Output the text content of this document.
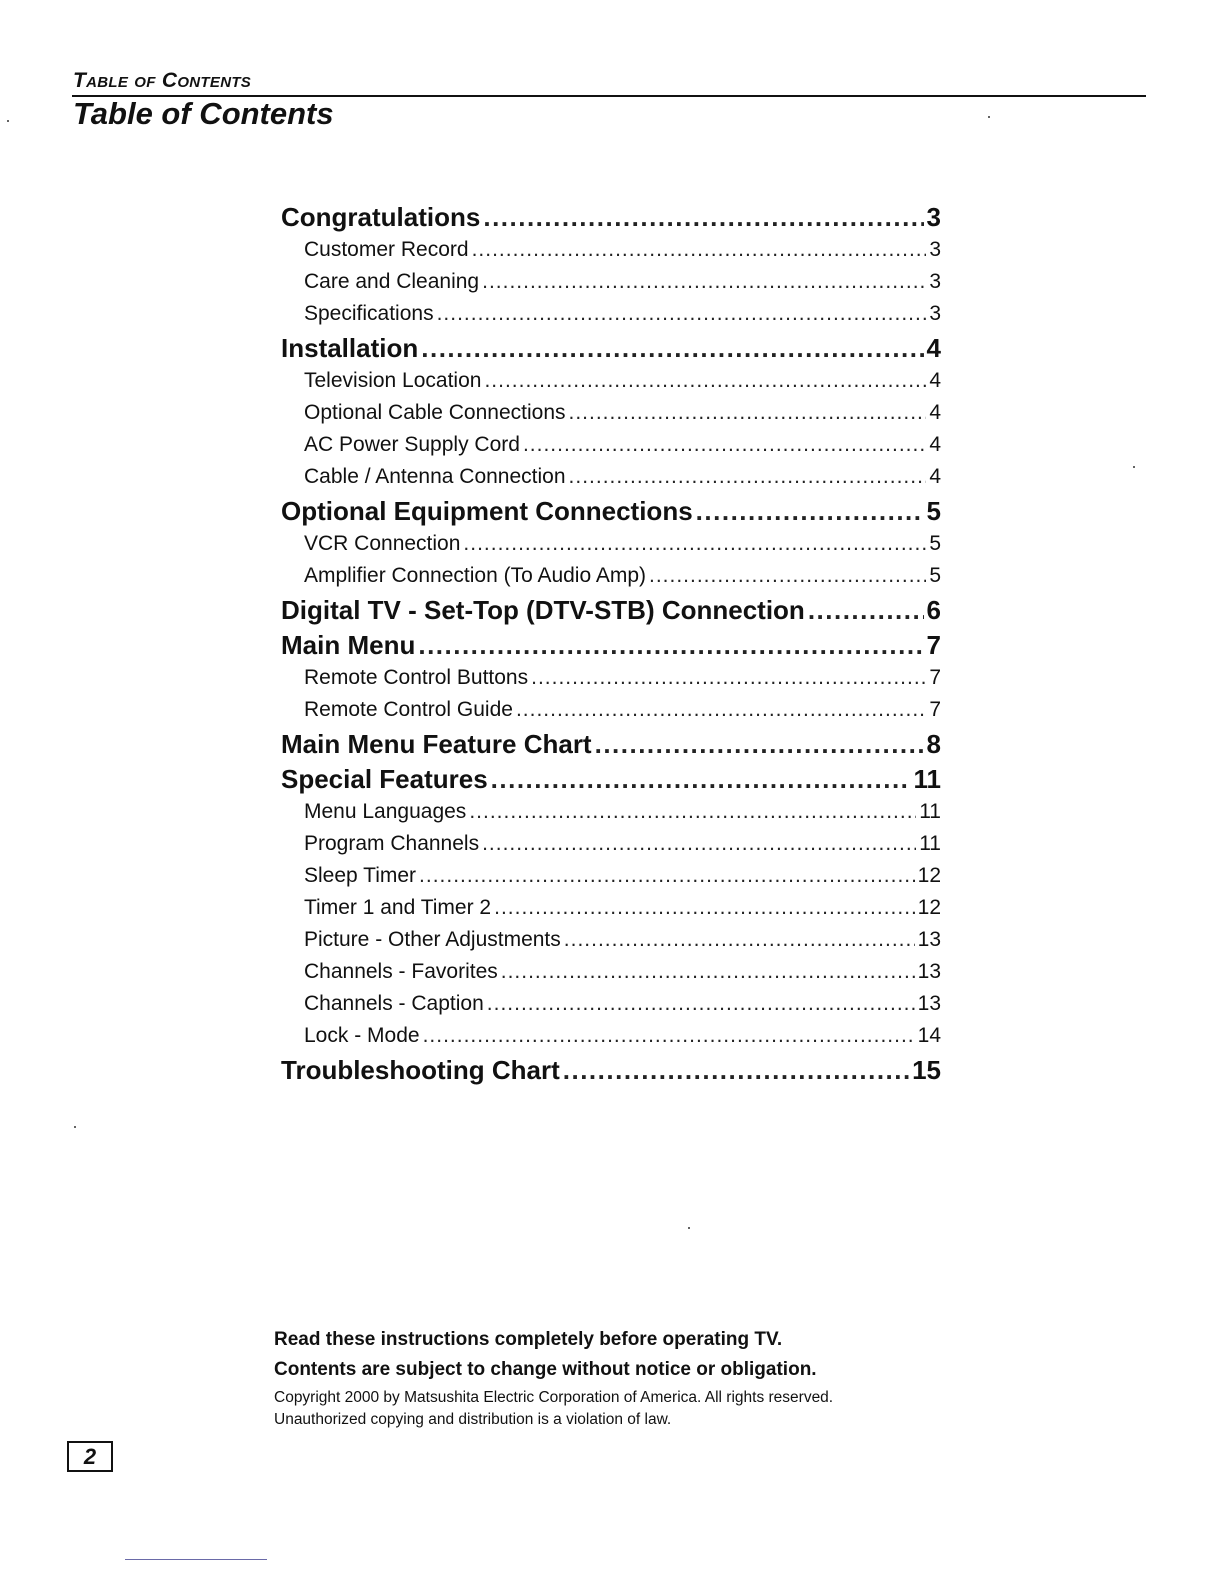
Table of Contents
Table of Contents
Congratulations .....	3
Customer Record .....	3
Care and Cleaning .....	3
Specifications .....	3
Installation .....	4
Television Location .....	4
Optional Cable Connections .....	4
AC Power Supply Cord .....	4
Cable / Antenna Connection .....	4
Optional Equipment Connections .....	5
VCR Connection .....	5
Amplifier Connection (To Audio Amp) .....	5
Digital TV - Set-Top (DTV-STB) Connection .....	6
Main Menu .....	7
Remote Control Buttons .....	7
Remote Control Guide .....	7
Main Menu Feature Chart .....	8
Special Features .....	11
Menu Languages .....	11
Program Channels .....	11
Sleep Timer .....	12
Timer 1 and Timer 2 .....	12
Picture - Other Adjustments .....	13
Channels - Favorites .....	13
Channels - Caption .....	13
Lock - Mode .....	14
Troubleshooting Chart .....	15
Read these instructions completely before operating TV.
Contents are subject to change without notice or obligation.
Copyright 2000 by Matsushita Electric Corporation of America. All rights reserved.
Unauthorized copying and distribution is a violation of law.
2
